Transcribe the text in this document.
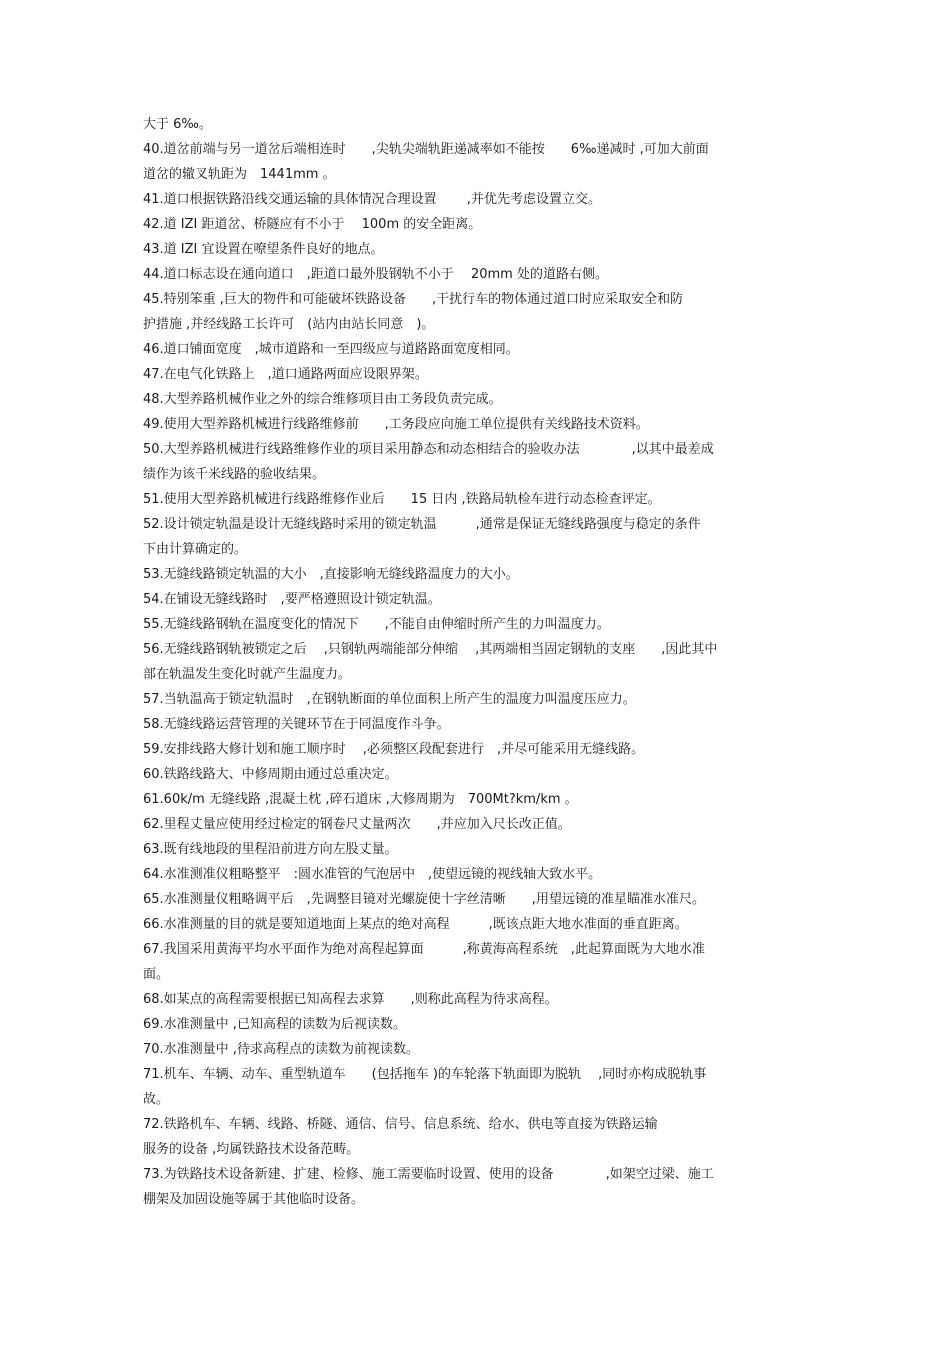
大于 6‰。

40.道岔前端与另一道岔后端相连时　　,尖轨尖端轨距递减率如不能按　　6‰递减时 ,可加大前面
道岔的辙叉轨距为　1441mm 。

41.道口根据铁路沿线交通运输的具体情况合理设置　　 ,并优先考虑设置立交。

42.道 IZI 距道岔、桥隧应有不小于　 100m 的安全距离。

43.道 IZI 宜设置在嘹望条件良好的地点。

44.道口标志设在通向道口　,距道口最外股钢轨不小于　 20mm 处的道路右侧。

45.特别笨重 ,巨大的物件和可能破坏铁路设备　　,干扰行车的物体通过道口时应采取安全和防
护措施 ,并经线路工长许可　(站内由站长同意　)。

46.道口铺面宽度　,城市道路和一至四级应与道路路面宽度相同。

47.在电气化铁路上　,道口通路两面应设限界架。

48.大型养路机械作业之外的综合维修项目由工务段负责完成。

49.使用大型养路机械进行线路维修前　　,工务段应向施工单位提供有关线路技术资料。

50.大型养路机械进行线路维修作业的项目采用静态和动态相结合的验收办法　　　　,以其中最差成
绩作为该千米线路的验收结果。

51.使用大型养路机械进行线路维修作业后　　15 日内 ,铁路局轨检车进行动态检查评定。

52.设计锁定轨温是设计无缝线路时采用的锁定轨温　　　,通常是保证无缝线路强度与稳定的条件
下由计算确定的。

53.无缝线路锁定轨温的大小　,直接影响无缝线路温度力的大小。

54.在铺设无缝线路时　,要严格遵照设计锁定轨温。

55.无缝线路钢轨在温度变化的情况下　　,不能自由伸缩时所产生的力叫温度力。

56.无缝线路钢轨被锁定之后　 ,只钢轨两端能部分伸缩　 ,其两端相当固定钢轨的支座　　,因此其中
部在轨温发生变化时就产生温度力。

57.当轨温高于锁定轨温时　,在钢轨断面的单位面积上所产生的温度力叫温度压应力。

58.无缝线路运营管理的关键环节在于同温度作斗争。

59.安排线路大修计划和施工顺序时　 ,必须整区段配套进行　,并尽可能采用无缝线路。

60.铁路线路大、中修周期由通过总重决定。

61.60k/m 无缝线路 ,混凝土枕 ,碎石道床 ,大修周期为　700Mt?km/km 。

62.里程丈量应使用经过检定的钢卷尺丈量两次　　,并应加入尺长改正值。

63.既有线地段的里程沿前进方向左股丈量。

64.水准测准仪粗略整平　:圆水准管的气泡居中　,使望远镜的视线轴大致水平。

65.水准测量仪粗略调平后　,先调整目镜对光螺旋使十字丝清晰　　,用望远镜的准星瞄准水准尺。

66.水准测量的目的就是要知道地面上某点的绝对高程　　　,既该点距大地水准面的垂直距离。

67.我国采用黄海平均水平面作为绝对高程起算面　　　,称黄海高程系统　,此起算面既为大地水准
面。

68.如某点的高程需要根据已知高程去求算　　,则称此高程为待求高程。

69.水准测量中 ,已知高程的读数为后视读数。

70.水准测量中 ,待求高程点的读数为前视读数。

71.机车、车辆、动车、重型轨道车　　(包括拖车 )的车轮落下轨面即为脱轨　 ,同时亦构成脱轨事
故。

72.铁路机车、车辆、线路、桥隧、通信、信号、信息系统、给水、供电等直接为铁路运输
服务的设备 ,均属铁路技术设备范畴。

73.为铁路技术设备新建、扩建、检修、施工需要临时设置、使用的设备　　　　,如架空过梁、施工
棚架及加固设施等属于其他临时设备。
